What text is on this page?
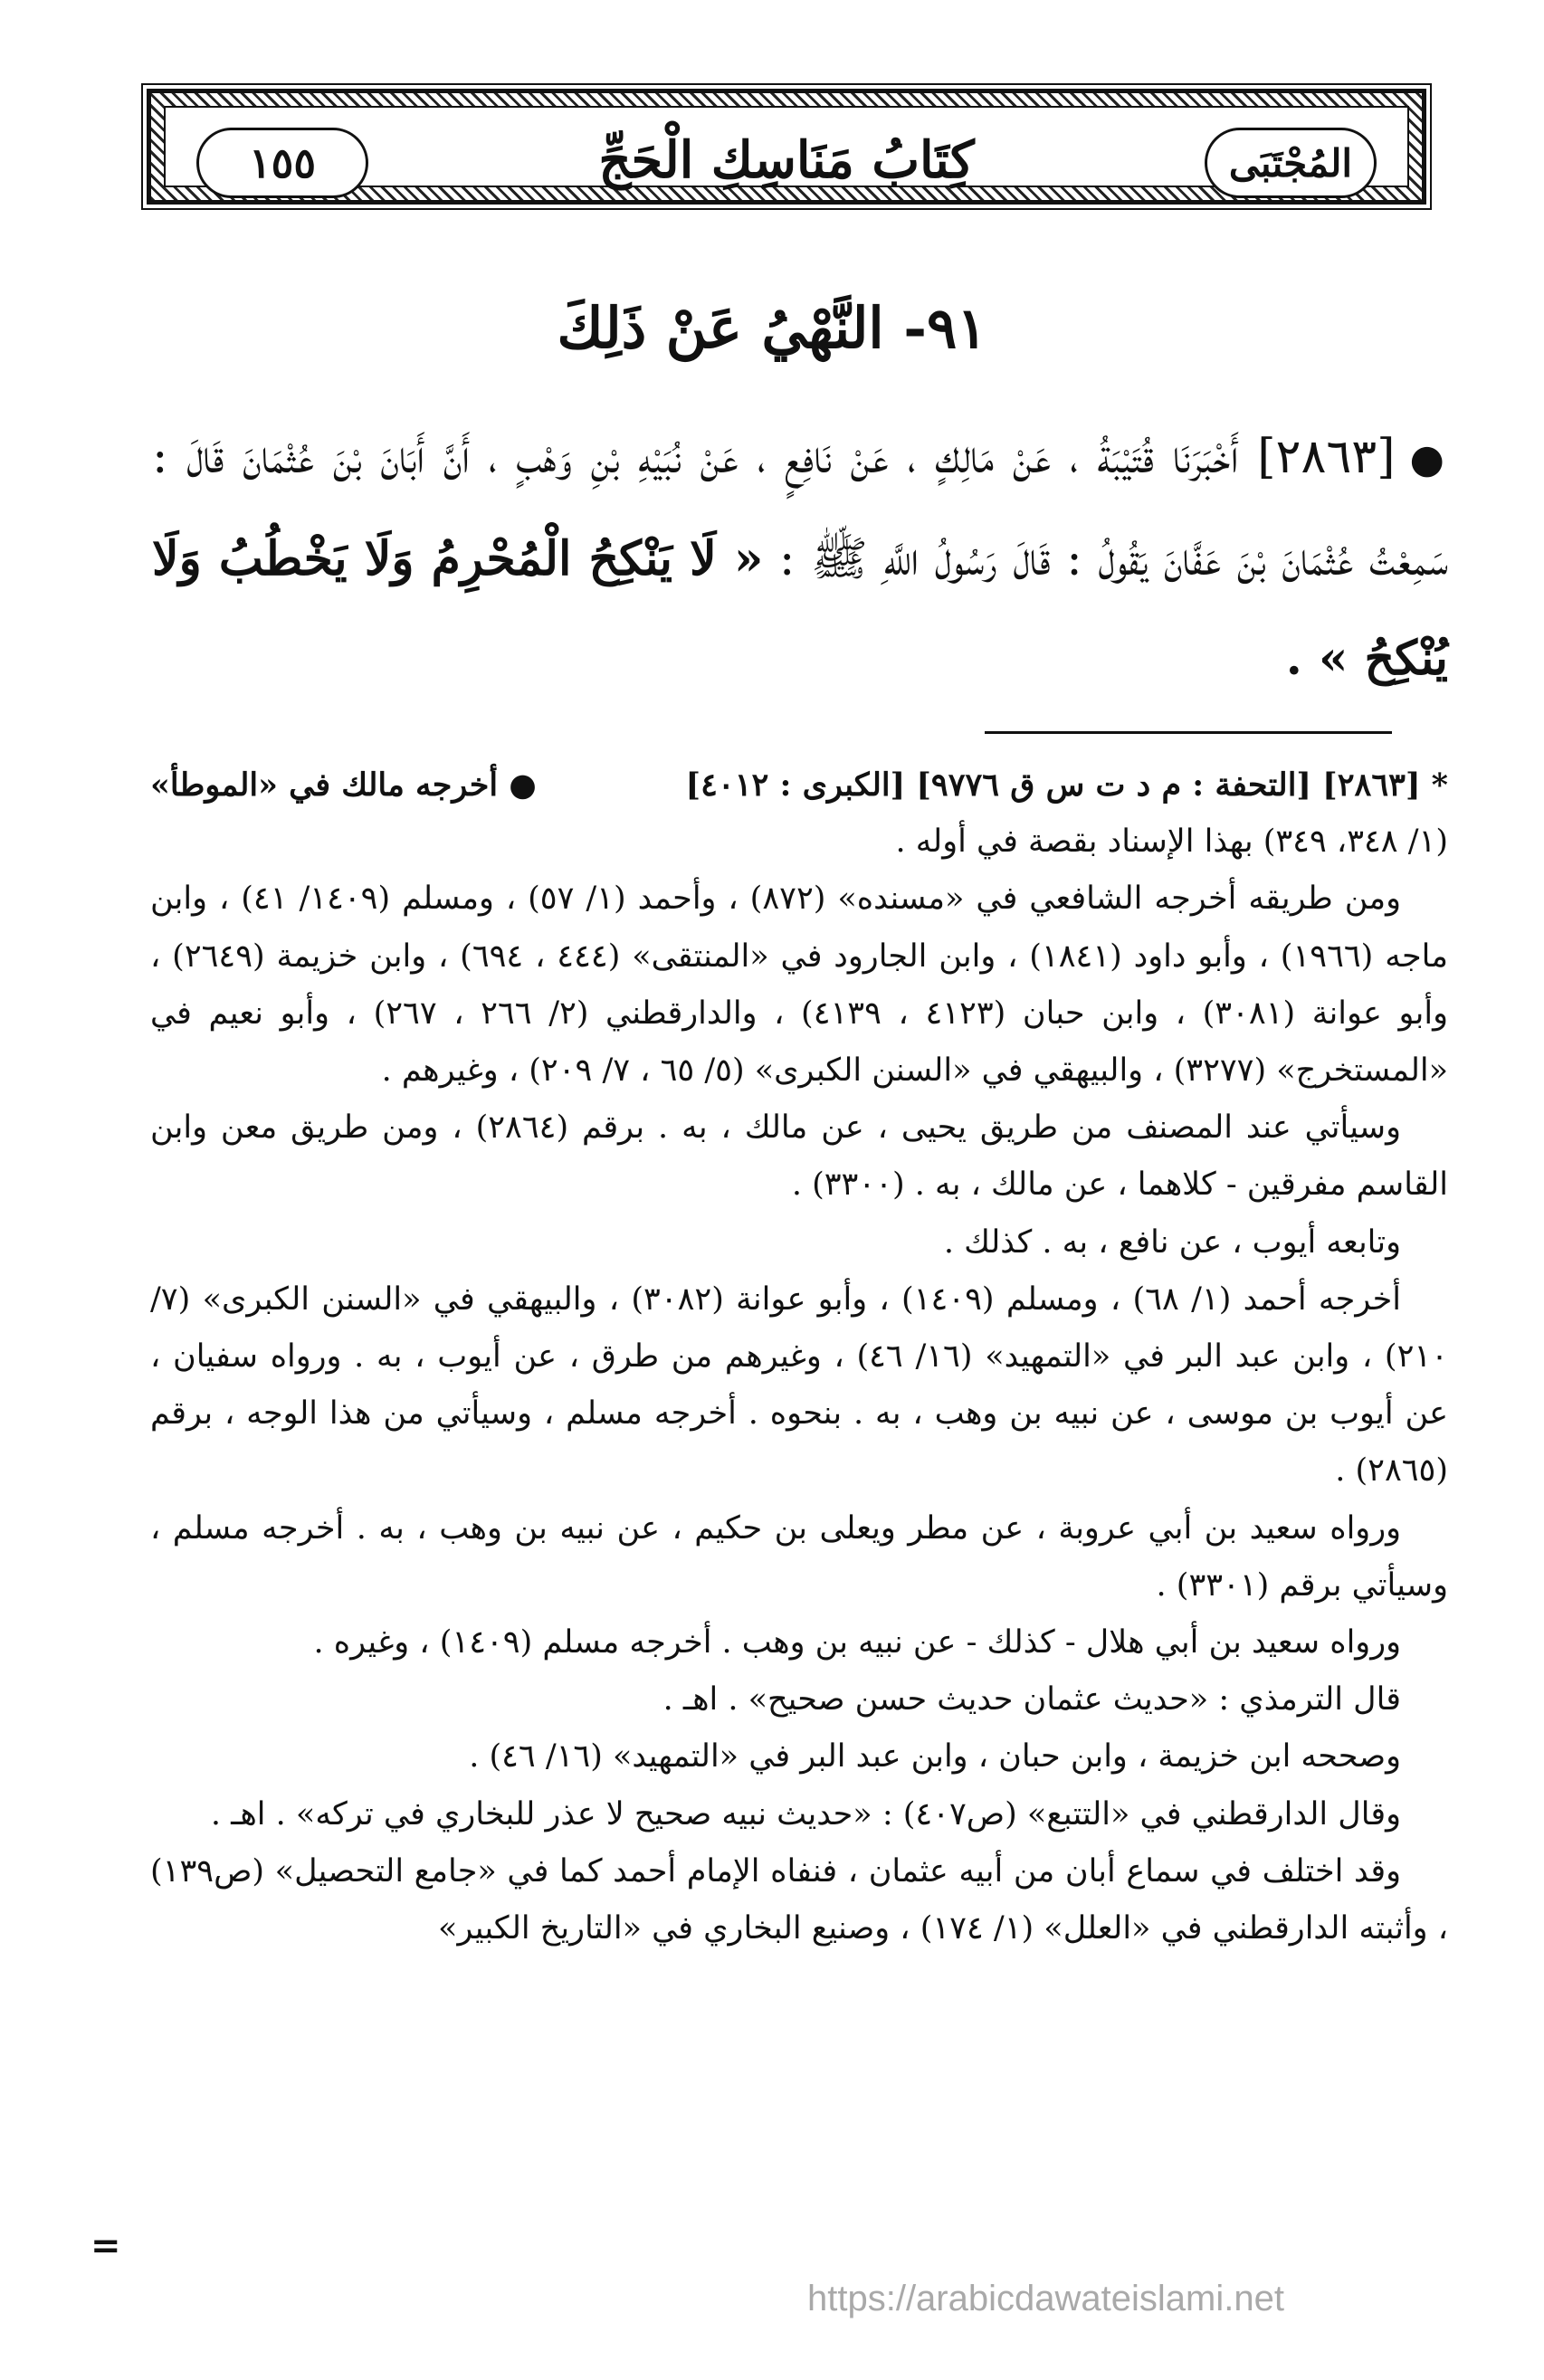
١٥٥	كِتَابُ مَنَاسِكِ الْحَجِّ	المُجْتَبَى
٩١- النَّهْيُ عَنْ ذَلِكَ
●[٢٨٦٣] أَخْبَرَنَا قُتَيْبَةُ ، عَنْ مَالِكٍ ، عَنْ نَافِعٍ ، عَنْ نُبَيْهِ بْنِ وَهْبٍ ، أَنَّ أَبَانَ بْنَ عُثْمَانَ قَالَ : سَمِعْتُ عُثْمَانَ بْنَ عَفَّانَ يَقُولُ : قَالَ رَسُولُ اللَّهِ ﷺ : « لَا يَنْكِحُ الْمُحْرِمُ وَلَا يَخْطُبُ وَلَا يُنْكِحُ » .
* [٢٨٦٣] [التحفة : م د ت س ق ٩٧٧٦] [الكبرى : ٤٠١٢]
● أخرجه مالك في «الموطأ»
(١/ ٣٤٨، ٣٤٩) بهذا الإسناد بقصة في أوله .
ومن طريقه أخرجه الشافعي في «مسنده» (٨٧٢) ، وأحمد (١/ ٥٧) ، ومسلم (١٤٠٩/ ٤١) ، وابن ماجه (١٩٦٦) ، وأبو داود (١٨٤١) ، وابن الجارود في «المنتقى» (٤٤٤ ، ٦٩٤) ، وابن خزيمة (٢٦٤٩) ، وأبو عوانة (٣٠٨١) ، وابن حبان (٤١٢٣ ، ٤١٣٩) ، والدارقطني (٢/ ٢٦٦ ، ٢٦٧) ، وأبو نعيم في «المستخرج» (٣٢٧٧) ، والبيهقي في «السنن الكبرى» (٥/ ٦٥ ، ٧/ ٢٠٩) ، وغيرهم .
وسيأتي عند المصنف من طريق يحيى ، عن مالك ، به . برقم (٢٨٦٤) ، ومن طريق معن وابن القاسم مفرقين - كلاهما ، عن مالك ، به . (٣٣٠٠) .
وتابعه أيوب ، عن نافع ، به . كذلك .
أخرجه أحمد (١/ ٦٨) ، ومسلم (١٤٠٩) ، وأبو عوانة (٣٠٨٢) ، والبيهقي في «السنن الكبرى» (٧/ ٢١٠) ، وابن عبد البر في «التمهيد» (١٦/ ٤٦) ، وغيرهم من طرق ، عن أيوب ، به . ورواه سفيان ، عن أيوب بن موسى ، عن نبيه بن وهب ، به . بنحوه . أخرجه مسلم ، وسيأتي من هذا الوجه ، برقم (٢٨٦٥) .
ورواه سعيد بن أبي عروبة ، عن مطر ويعلى بن حكيم ، عن نبيه بن وهب ، به . أخرجه مسلم ، وسيأتي برقم (٣٣٠١) .
ورواه سعيد بن أبي هلال - كذلك - عن نبيه بن وهب . أخرجه مسلم (١٤٠٩) ، وغيره .
قال الترمذي : «حديث عثمان حديث حسن صحيح» . اهـ .
وصححه ابن خزيمة ، وابن حبان ، وابن عبد البر في «التمهيد» (١٦/ ٤٦) .
وقال الدارقطني في «التتبع» (ص٤٠٧) : «حديث نبيه صحيح لا عذر للبخاري في تركه» . اهـ .
وقد اختلف في سماع أبان من أبيه عثمان ، فنفاه الإمام أحمد كما في «جامع التحصيل» (ص١٣٩) ، وأثبته الدارقطني في «العلل» (١/ ١٧٤) ، وصنيع البخاري في «التاريخ الكبير»
=
https://arabicdawateislami.net
